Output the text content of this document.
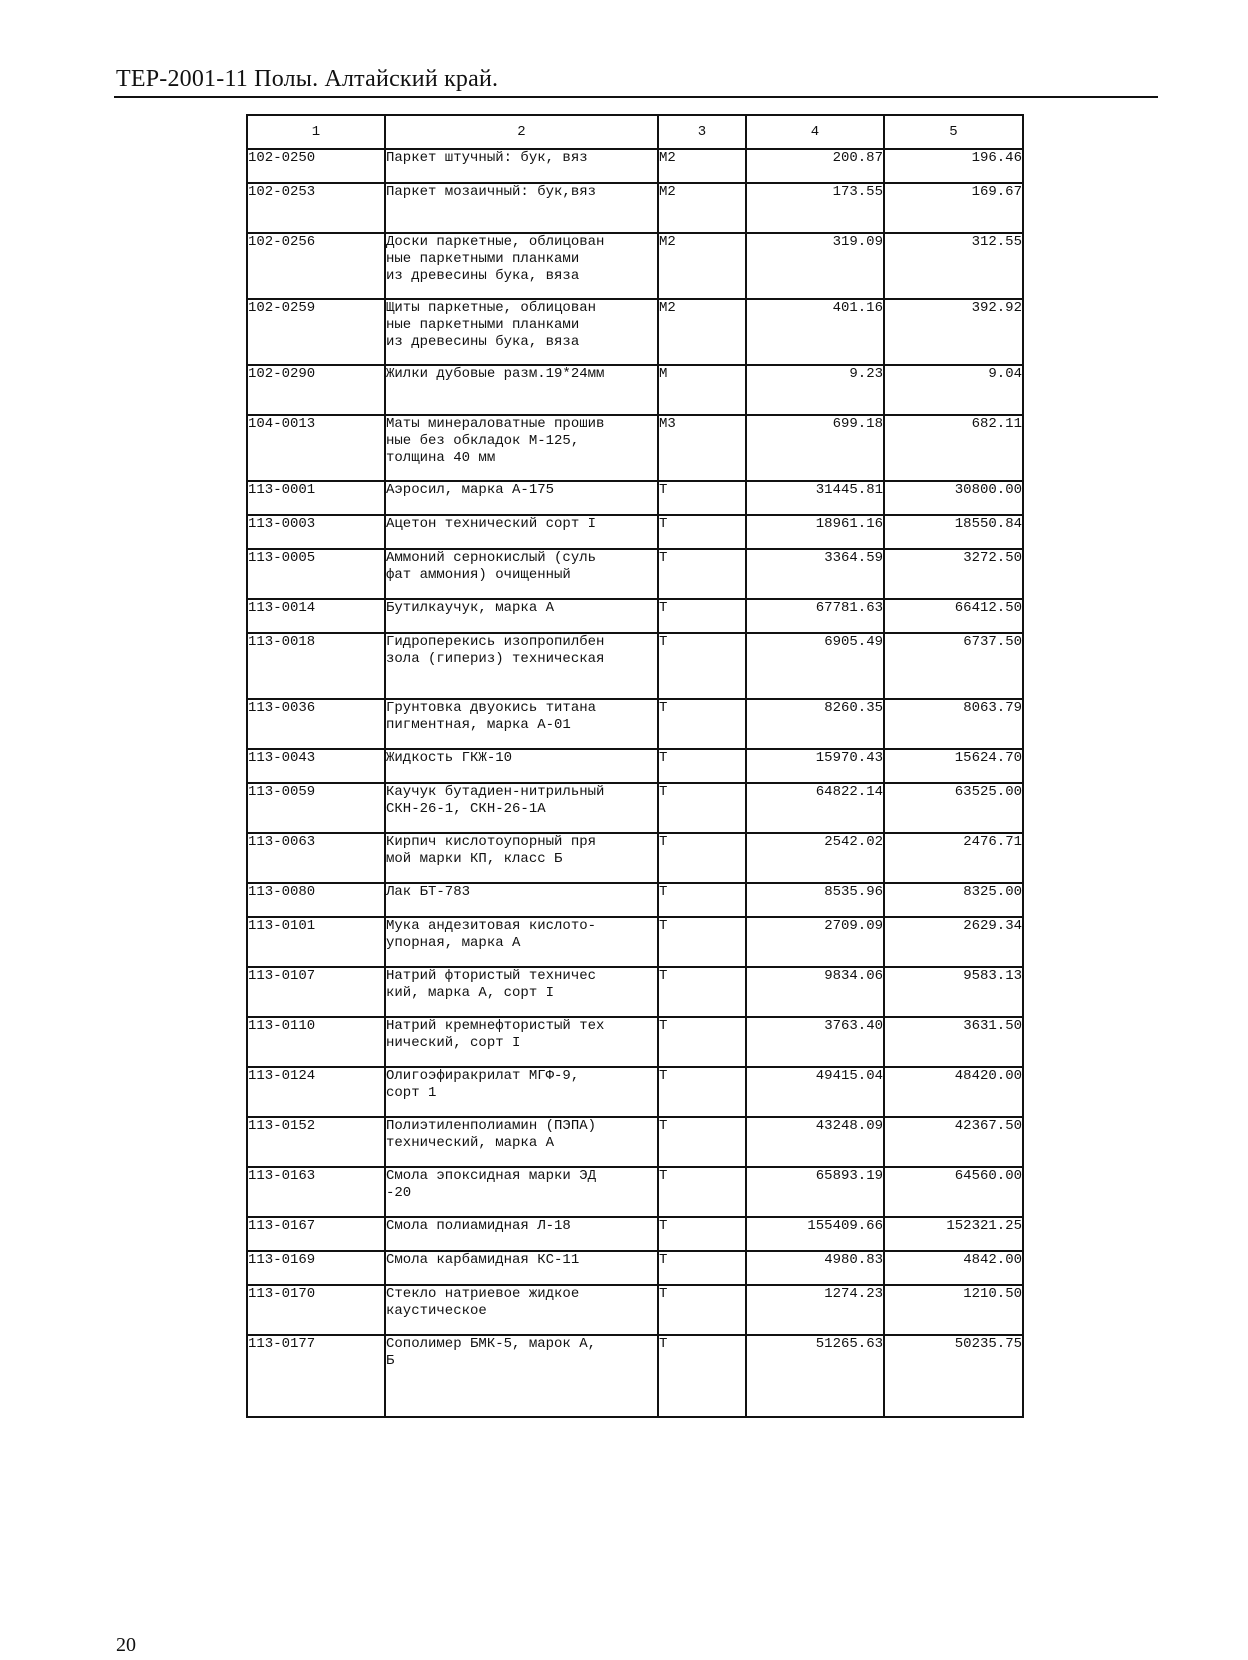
ТЕР-2001-11 Полы. Алтайский край.
1	2	3	4	5
102-0250	Паркет штучный: бук, вяз	М2	200.87	196.46
102-0253	Паркет мозаичный: бук,вяз	М2	173.55	169.67
102-0256	Доски паркетные, облицован
ные паркетными планками
из древесины бука, вяза	М2	319.09	312.55
102-0259	Щиты паркетные, облицован
ные паркетными планками
из древесины бука, вяза	М2	401.16	392.92
102-0290	Жилки дубовые разм.19*24мм	М	9.23	9.04
104-0013	Маты минераловатные прошив
ные без обкладок М-125,
толщина 40 мм	М3	699.18	682.11
113-0001	Аэросил, марка А-175	Т	31445.81	30800.00
113-0003	Ацетон технический сорт I	Т	18961.16	18550.84
113-0005	Аммоний сернокислый (суль
фат аммония) очищенный	Т	3364.59	3272.50
113-0014	Бутилкаучук, марка А	Т	67781.63	66412.50
113-0018	Гидроперекись изопропилбен
зола (гипериз) техническая	Т	6905.49	6737.50
113-0036	Грунтовка двуокись титана
пигментная, марка А-01	Т	8260.35	8063.79
113-0043	Жидкость ГКЖ-10	Т	15970.43	15624.70
113-0059	Каучук бутадиен-нитрильный
СКН-26-1, СКН-26-1А	Т	64822.14	63525.00
113-0063	Кирпич кислотоупорный пря
мой марки КП, класс Б	Т	2542.02	2476.71
113-0080	Лак БТ-783	Т	8535.96	8325.00
113-0101	Мука андезитовая кислото-
упорная, марка А	Т	2709.09	2629.34
113-0107	Натрий фтористый техничес
кий, марка А, сорт I	Т	9834.06	9583.13
113-0110	Натрий кремнефтористый тех
нический, сорт I	Т	3763.40	3631.50
113-0124	Олигоэфиракрилат МГФ-9,
сорт 1	Т	49415.04	48420.00
113-0152	Полиэтиленполиамин (ПЭПА)
технический, марка А	Т	43248.09	42367.50
113-0163	Смола эпоксидная марки ЭД
-20	Т	65893.19	64560.00
113-0167	Смола полиамидная Л-18	Т	155409.66	152321.25
113-0169	Смола карбамидная КС-11	Т	4980.83	4842.00
113-0170	Стекло натриевое жидкое
каустическое	Т	1274.23	1210.50
113-0177	Сополимер БМК-5, марок А,
Б	Т	51265.63	50235.75
20
